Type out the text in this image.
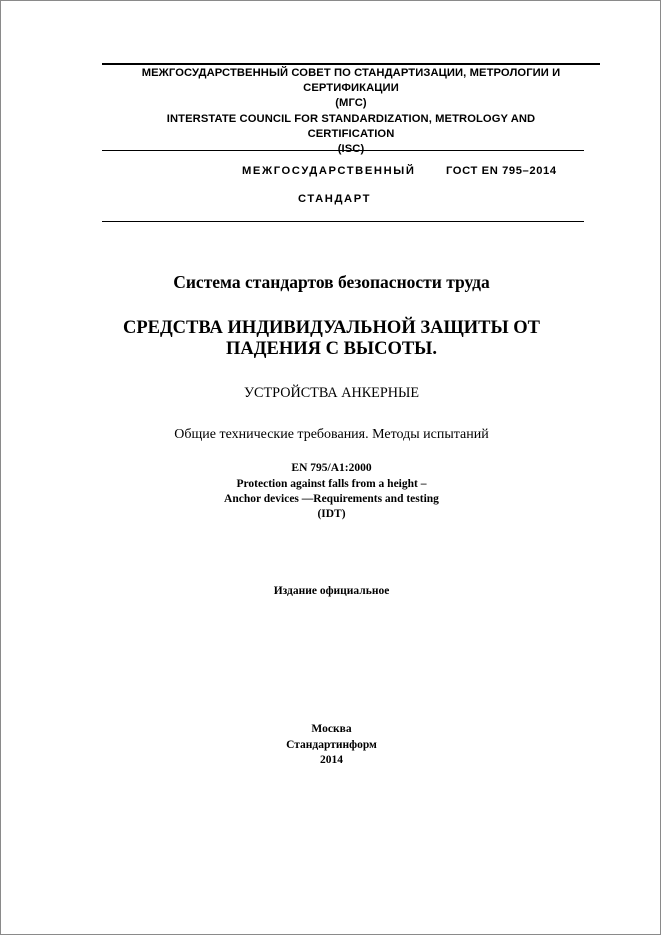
МЕЖГОСУДАРСТВЕННЫЙ СОВЕТ ПО СТАНДАРТИЗАЦИИ, МЕТРОЛОГИИ И
СЕРТИФИКАЦИИ
(МГС)
INTERSTATE COUNCIL FOR STANDARDIZATION, METROLOGY AND
CERTIFICATION
(ISC)
МЕЖГОСУДАРСТВЕННЫЙ	ГОСТ EN 795–2014
СТАНДАРТ
Система стандартов безопасности труда
СРЕДСТВА ИНДИВИДУАЛЬНОЙ ЗАЩИТЫ ОТ
ПАДЕНИЯ С ВЫСОТЫ.
УСТРОЙСТВА АНКЕРНЫЕ
Общие технические требования. Методы испытаний
EN 795/A1:2000
Protection against falls from a height –
Anchor devices —Requirements and testing
(IDT)
Издание официальное
Москва
Стандартинформ
2014
